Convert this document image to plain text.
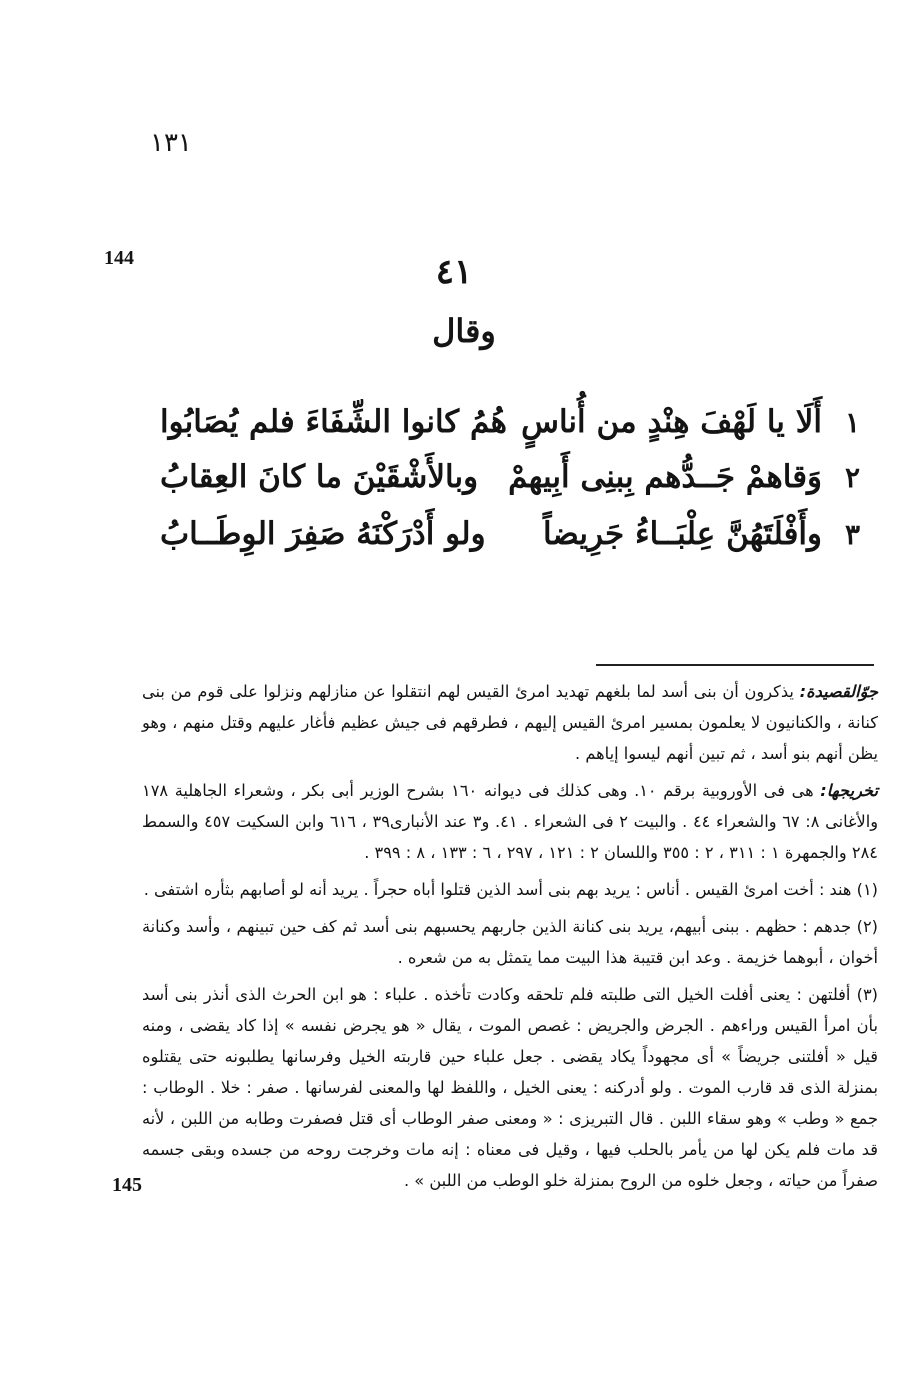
١٣١
144
145
٤١
وقال
١
أَلَا يا لَهْفَ هِنْدٍ من أُناسٍ
هُمُ كانوا الشِّفَاءَ فلم يُصَابُوا
٢
وَقاهمْ جَــدُّهم بِبنِى أَبِيهمْ
وبالأَشْقَيْنَ ما كانَ العِقابُ
٣
وأَفْلَتَهُنَّ عِلْبَــاءُ جَرِيضاً
ولو أَدْرَكْنَهُ صَفِرَ الوِطَــابُ

جوّالقصيدة: يذكرون أن بنى أسد لما بلغهم تهديد امرئ القيس لهم انتقلوا عن منازلهم ونزلوا على قوم من بنى كنانة ، والكنانيون لا يعلمون بمسير امرئ القيس إليهم ، فطرقهم فى جيش عظيم فأغار عليهم وقتل منهم ، وهو يظن أنهم بنو أسد ، ثم تبين أنهم ليسوا إياهم .

تخريجها: هى فى الأوروبية برقم ١٠. وهى كذلك فى ديوانه ١٦٠ بشرح الوزير أبى بكر ، وشعراء الجاهلية ١٧٨ والأغانى ٨: ٦٧ والشعراء ٤٤ . والبيت ٢ فى الشعراء . ٤١. و٣ عند الأنبارى٣٩ ، ٦١٦ وابن السكيت ٤٥٧ والسمط ٢٨٤ والجمهرة ١ : ٣١١ ، ٢ : ٣٥٥ واللسان ٢ : ١٢١ ، ٢٩٧ ، ٦ : ١٣٣ ، ٨ : ٣٩٩ .

(١) هند : أخت امرئ القيس . أناس : يريد بهم بنى أسد الذين قتلوا أباه حجراً . يريد أنه لو أصابهم بثأره اشتفى .

(٢) جدهم : حظهم . ببنى أبيهم، يريد بنى كنانة الذين جاربهم يحسبهم بنى أسد ثم كف حين تبينهم ، وأسد وكنانة أخوان ، أبوهما خزيمة . وعد ابن قتيبة هذا البيت مما يتمثل به من شعره .

(٣) أفلتهن : يعنى أفلت الخيل التى طلبته فلم تلحقه وكادت تأخذه . علباء : هو ابن الحرث الذى أنذر بنى أسد بأن امرأ القيس وراءهم . الجرض والجريض : غصص الموت ، يقال « هو يجرض نفسه » إذا كاد يقضى ، ومنه قيل « أفلتنى جريضاً » أى مجهوداً يكاد يقضى . جعل علباء حين قاربته الخيل وفرسانها يطلبونه حتى يقتلوه بمنزلة الذى قد قارب الموت . ولو أدركنه : يعنى الخيل ، واللفظ لها والمعنى لفرسانها . صفر : خلا . الوطاب : جمع « وطب » وهو سقاء اللبن . قال التبريزى : « ومعنى صفر الوطاب أى قتل فصفرت وطابه من اللبن ، لأنه قد مات فلم يكن لها من يأمر بالحلب فيها ، وقيل فى معناه : إنه مات وخرجت روحه من جسده وبقى جسمه صفراً من حياته ، وجعل خلوه من الروح بمنزلة خلو الوطب من اللبن » .
